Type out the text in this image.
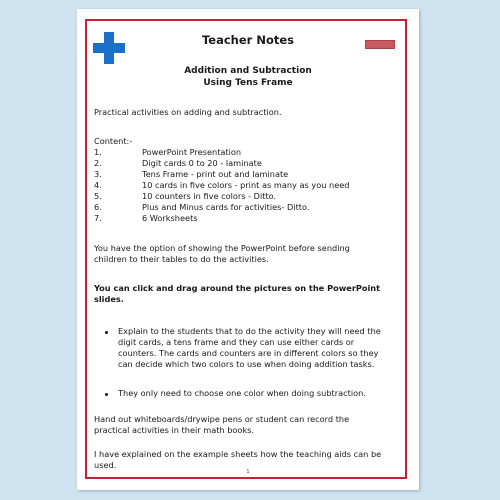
Teacher Notes
Addition and Subtraction
Using Tens Frame
Practical activities on adding and subtraction.
Content:-
1.	PowerPoint Presentation
2.	Digit cards 0 to 20 - laminate
3.	Tens Frame - print out and laminate
4.	10 cards in five colors - print as many as you need
5.	10 counters in five colors - Ditto.
6.	Plus and Minus cards for activities- Ditto.
7.	6 Worksheets
You have the option of showing the PowerPoint before sending
children to their tables to do the activities.
You can click and drag around the pictures on the PowerPoint
slides.
Explain to the students that to do the activity they will need the
digit cards, a tens frame and they can use either cards or
counters. The cards and counters are in different colors so they
can decide which two colors to use when doing addition tasks.
They only need to choose one color when doing subtraction.
Hand out whiteboards/drywipe pens or student can record the
practical activities in their math books.
I have explained on the example sheets how the teaching aids can be
used.
1
